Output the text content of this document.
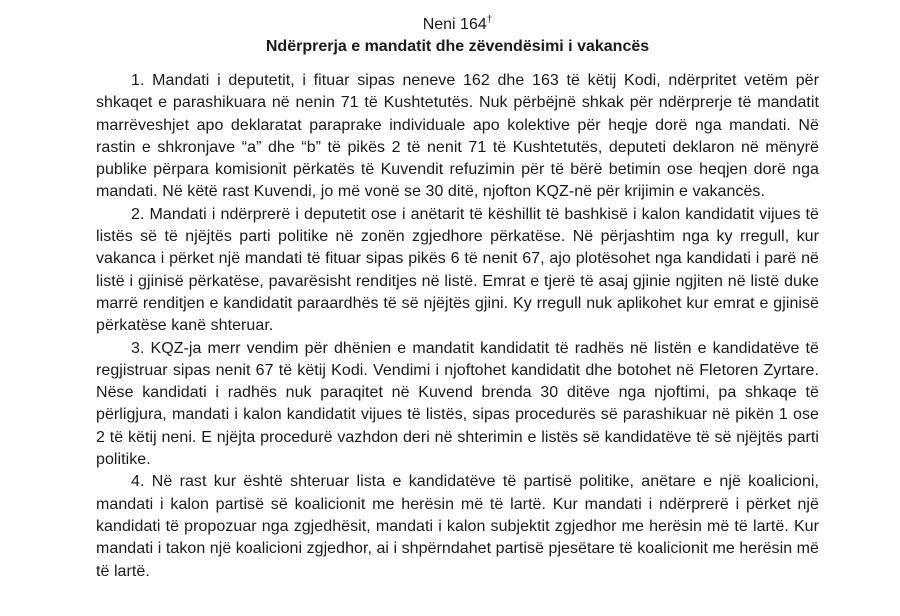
Neni 164†

Ndërprerja e mandatit dhe zëvendësimi i vakancës

1. Mandati i deputetit, i fituar sipas neneve 162 dhe 163 të këtij Kodi, ndërpritet vetëm për shkaqet e parashikuara në nenin 71 të Kushtetutës. Nuk përbëjnë shkak për ndërprerje të mandatit marrëveshjet apo deklaratat paraprake individuale apo kolektive për heqje dorë nga mandati. Në rastin e shkronjave “a” dhe “b” të pikës 2 të nenit 71 të Kushtetutës, deputeti deklaron në mënyrë publike përpara komisionit përkatës të Kuvendit refuzimin për të bërë betimin ose heqjen dorë nga mandati. Në këtë rast Kuvendi, jo më vonë se 30 ditë, njofton KQZ-në për krijimin e vakancës.

2. Mandati i ndërprerë i deputetit ose i anëtarit të këshillit të bashkisë i kalon kandidatit vijues të listës së të njëjtës parti politike në zonën zgjedhore përkatëse. Në përjashtim nga ky rregull, kur vakanca i përket një mandati të fituar sipas pikës 6 të nenit 67, ajo plotësohet nga kandidati i parë në listë i gjinisë përkatëse, pavarësisht renditjes në listë. Emrat e tjerë të asaj gjinie ngjiten në listë duke marrë renditjen e kandidatit paraardhës të së njëjtës gjini. Ky rregull nuk aplikohet kur emrat e gjinisë përkatëse kanë shteruar.

3. KQZ-ja merr vendim për dhënien e mandatit kandidatit të radhës në listën e kandidatëve të regjistruar sipas nenit 67 të këtij Kodi. Vendimi i njoftohet kandidatit dhe botohet në Fletoren Zyrtare. Nëse kandidati i radhës nuk paraqitet në Kuvend brenda 30 ditëve nga njoftimi, pa shkaqe të përligjura, mandati i kalon kandidatit vijues të listës, sipas procedurës së parashikuar në pikën 1 ose 2 të këtij neni. E njëjta procedurë vazhdon deri në shterimin e listës së kandidatëve të së njëjtës parti politike.

4. Në rast kur është shteruar lista e kandidatëve të partisë politike, anëtare e një koalicioni, mandati i kalon partisë së koalicionit me herësin më të lartë. Kur mandati i ndërprerë i përket një kandidati të propozuar nga zgjedhësit, mandati i kalon subjektit zgjedhor me herësin më të lartë. Kur mandati i takon një koalicioni zgjedhor, ai i shpërndahet partisë pjesëtare të koalicionit me herësin më të lartë.
